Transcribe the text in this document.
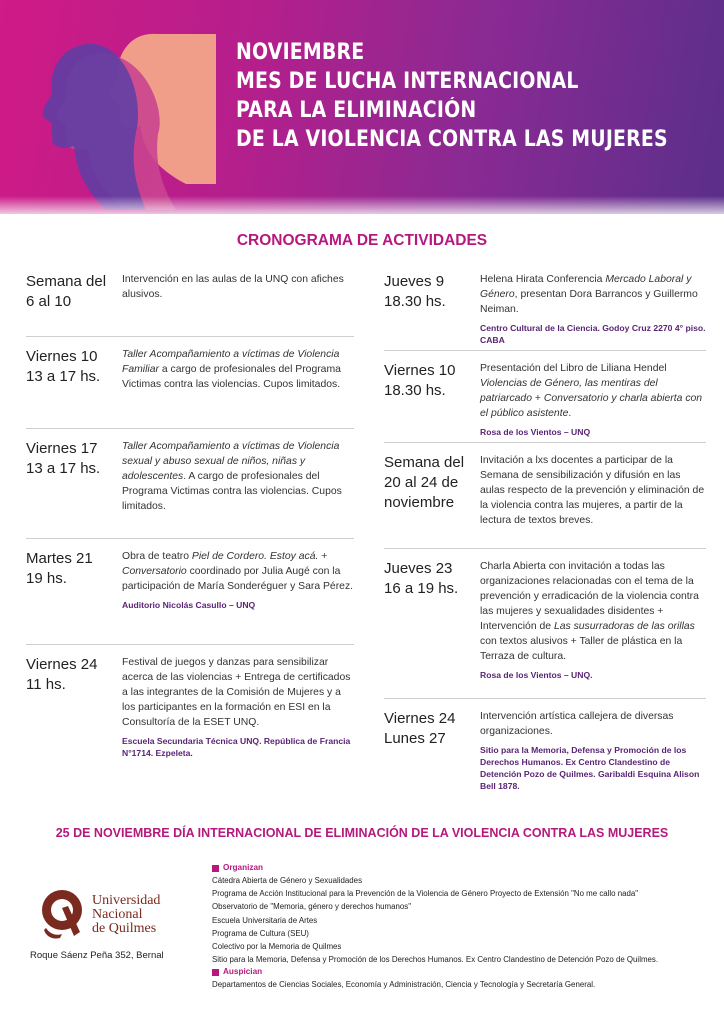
NOVIEMBRE
MES DE LUCHA INTERNACIONAL
PARA LA ELIMINACIÓN
DE LA VIOLENCIA CONTRA LAS MUJERES
CRONOGRAMA DE ACTIVIDADES
Semana del
6 al 10
Intervención en las aulas de la UNQ con afiches alusivos.
Viernes 10
13 a 17 hs.
Taller Acompañamiento a víctimas de Violencia Familiar a cargo de profesionales del Programa Victimas contra las violencias. Cupos limitados.
Viernes 17
13 a 17 hs.
Taller Acompañamiento a víctimas de Violencia sexual y abuso sexual de niños, niñas y adolescentes. A cargo de profesionales del Programa Victimas contra las violencias. Cupos limitados.
Martes 21
19 hs.
Obra de teatro Piel de Cordero. Estoy acá. + Conversatorio coordinado por Julia Augé con la participación de María Sonderéguer y Sara Pérez.
Auditorio Nicolás Casullo – UNQ
Viernes 24
11 hs.
Festival de juegos y danzas para sensibilizar acerca de las violencias + Entrega de certificados a las integrantes de la Comisión de Mujeres y a los participantes en la formación en ESI en la Consultoría de la ESET UNQ.
Escuela Secundaria Técnica UNQ. República de Francia N°1714. Ezpeleta.
Jueves 9
18.30 hs.
Helena Hirata Conferencia Mercado Laboral y Género, presentan Dora Barrancos y Guillermo Neiman.
Centro Cultural de la Ciencia. Godoy Cruz 2270 4° piso. CABA
Viernes 10
18.30 hs.
Presentación del Libro de Liliana Hendel Violencias de Género, las mentiras del patriarcado + Conversatorio y charla abierta con el público asistente.
Rosa de los Vientos – UNQ
Semana del
20 al 24 de
noviembre
Invitación a lxs docentes a participar de la Semana de sensibilización y difusión en las aulas respecto de la prevención y eliminación de la violencia contra las mujeres, a partir de la lectura de textos breves.
Jueves 23
16 a 19 hs.
Charla Abierta con invitación a todas las organizaciones relacionadas con el tema de la prevención y erradicación de la violencia contra las mujeres y sexualidades disidentes + Intervención de Las susurradoras de las orillas con textos alusivos + Taller de plástica en la Terraza de cultura.
Rosa de los Vientos – UNQ.
Viernes 24
Lunes 27
Intervención artística callejera de diversas organizaciones.
Sitio para la Memoria, Defensa y Promoción de los Derechos Humanos. Ex Centro Clandestino de Detención Pozo de Quilmes. Garibaldi Esquina Alison Bell 1878.
25 DE NOVIEMBRE DÍA INTERNACIONAL DE ELIMINACIÓN DE LA VIOLENCIA CONTRA LAS MUJERES
Universidad
Nacional
de Quilmes
Roque Sáenz Peña 352, Bernal
Organizan
Cátedra Abierta de Género y Sexualidades
Programa de Acción Institucional para la Prevención de la Violencia de Género Proyecto de Extensión "No me callo nada"
Observatorio de "Memoria, género y derechos humanos"
Escuela Universitaria de Artes
Programa de Cultura (SEU)
Colectivo por la Memoria de Quilmes
Sitio para la Memoria, Defensa y Promoción de los Derechos Humanos. Ex Centro Clandestino de Detención Pozo de Quilmes.
Auspician
Departamentos de Ciencias Sociales, Economía y Administración, Ciencia y Tecnología y Secretaría General.
